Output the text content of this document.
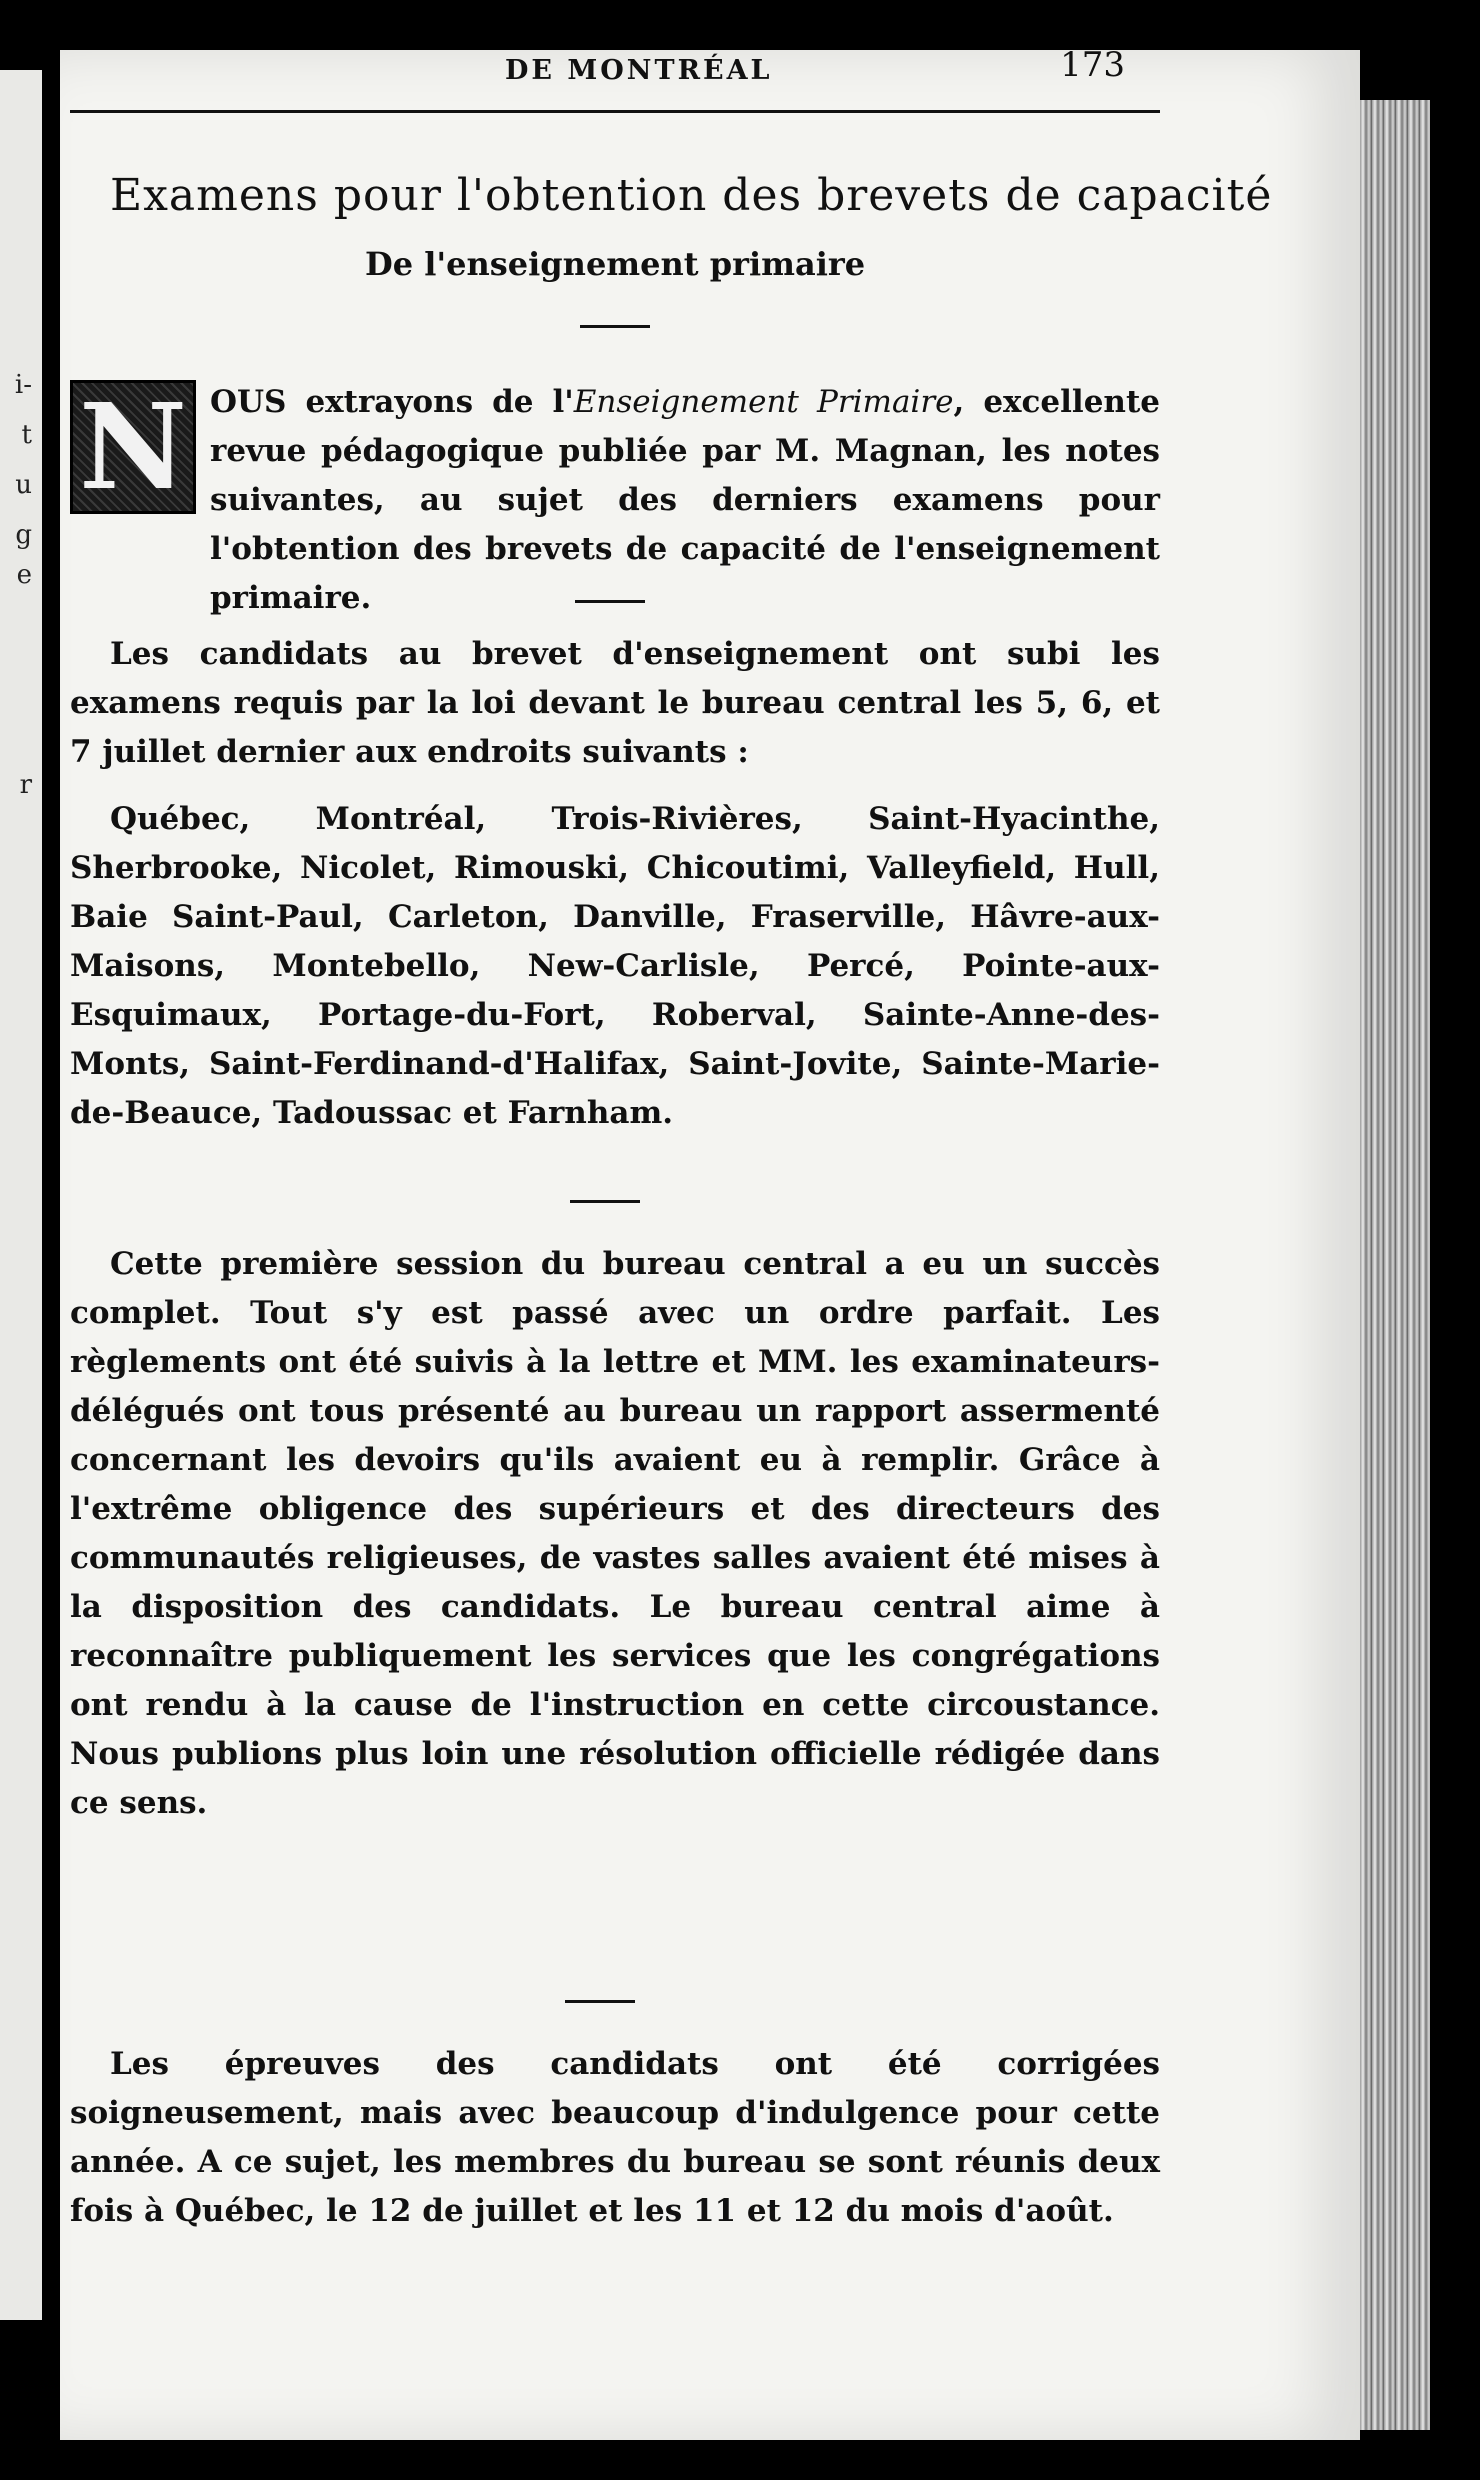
i-
t
u
g
e
r
DE MONTRÉAL	173
Examens pour l'obtention des brevets de capacité
De l'enseignement primaire
N OUS extrayons de l'Enseignement Primaire, excellente revue pédagogique publiée par M. Magnan, les notes suivantes, au sujet des derniers examens pour l'obtention des brevets de capacité de l'enseignement primaire.

Les candidats au brevet d'enseignement ont subi les examens requis par la loi devant le bureau central les 5, 6, et 7 juillet dernier aux endroits suivants :

Québec, Montréal, Trois-Rivières, Saint-Hyacinthe, Sherbrooke, Nicolet, Rimouski, Chicoutimi, Valleyfield, Hull, Baie Saint-Paul, Carleton, Danville, Fraserville, Hâvre-aux-Maisons, Montebello, New-Carlisle, Percé, Pointe-aux-Esquimaux, Portage-du-Fort, Roberval, Sainte-Anne-des-Monts, Saint-Ferdinand-d'Halifax, Saint-Jovite, Sainte-Marie-de-Beauce, Tadoussac et Farnham.

Cette première session du bureau central a eu un succès complet. Tout s'y est passé avec un ordre parfait. Les règlements ont été suivis à la lettre et MM. les examinateurs-délégués ont tous présenté au bureau un rapport assermenté concernant les devoirs qu'ils avaient eu à remplir. Grâce à l'extrême obligence des supérieurs et des directeurs des communautés religieuses, de vastes salles avaient été mises à la disposition des candidats. Le bureau central aime à reconnaître publiquement les services que les congrégations ont rendu à la cause de l'instruction en cette circoustance. Nous publions plus loin une résolution officielle rédigée dans ce sens.

Les épreuves des candidats ont été corrigées soigneusement, mais avec beaucoup d'indulgence pour cette année. A ce sujet, les membres du bureau se sont réunis deux fois à Québec, le 12 de juillet et les 11 et 12 du mois d'août.
